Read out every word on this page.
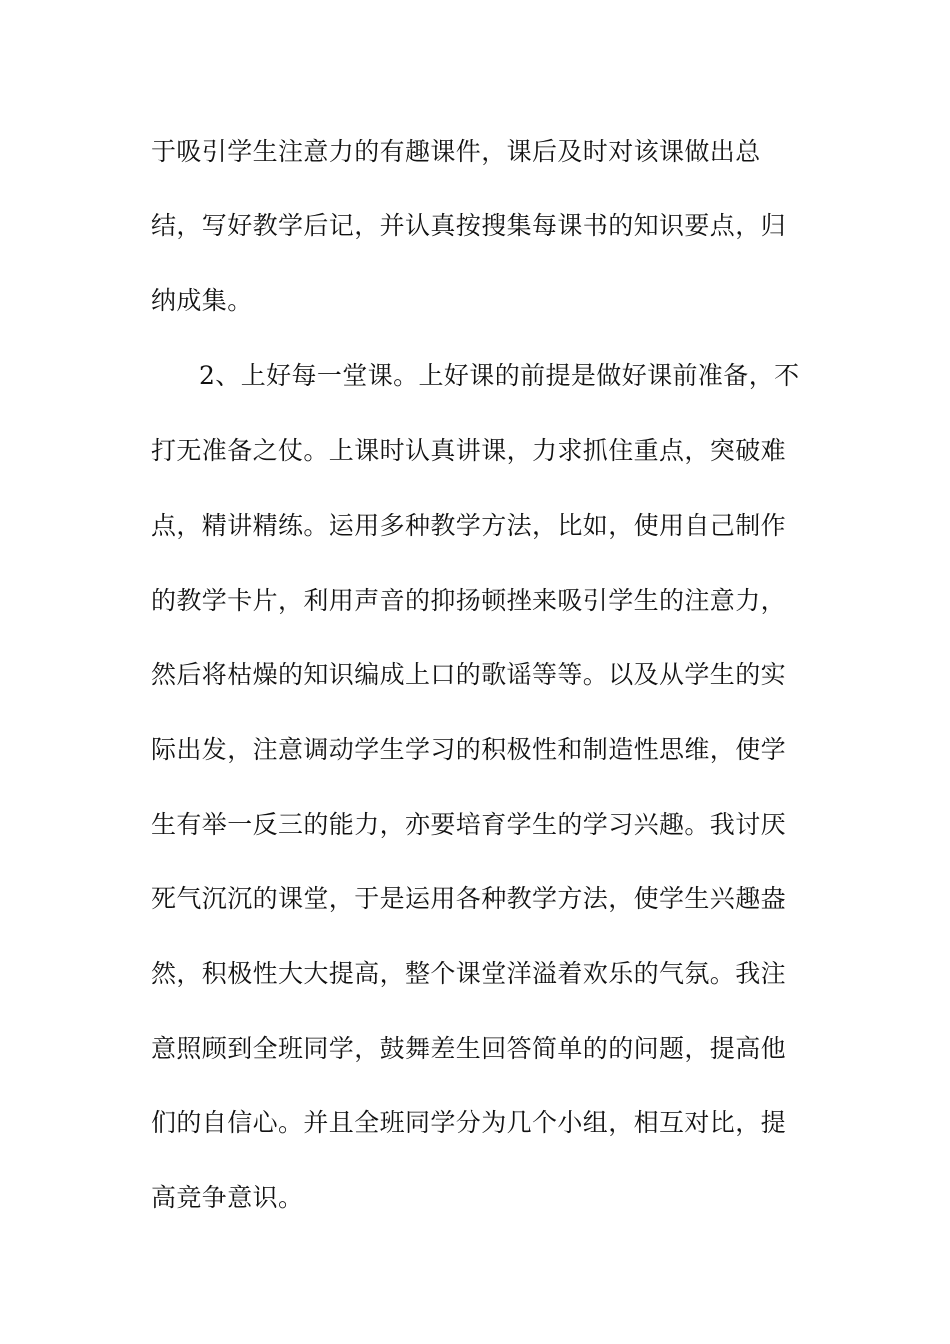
于吸引学生注意力的有趣课件，课后及时对该课做出总
结，写好教学后记，并认真按搜集每课书的知识要点，归
纳成集。
2、上好每一堂课。上好课的前提是做好课前准备，不
打无准备之仗。上课时认真讲课，力求抓住重点，突破难
点，精讲精练。运用多种教学方法，比如，使用自己制作
的教学卡片，利用声音的抑扬顿挫来吸引学生的注意力，
然后将枯燥的知识编成上口的歌谣等等。以及从学生的实
际出发，注意调动学生学习的积极性和制造性思维，使学
生有举一反三的能力，亦要培育学生的学习兴趣。我讨厌
死气沉沉的课堂，于是运用各种教学方法，使学生兴趣盎
然，积极性大大提高，整个课堂洋溢着欢乐的气氛。我注
意照顾到全班同学，鼓舞差生回答简单的的问题，提高他
们的自信心。并且全班同学分为几个小组，相互对比，提
高竞争意识。
